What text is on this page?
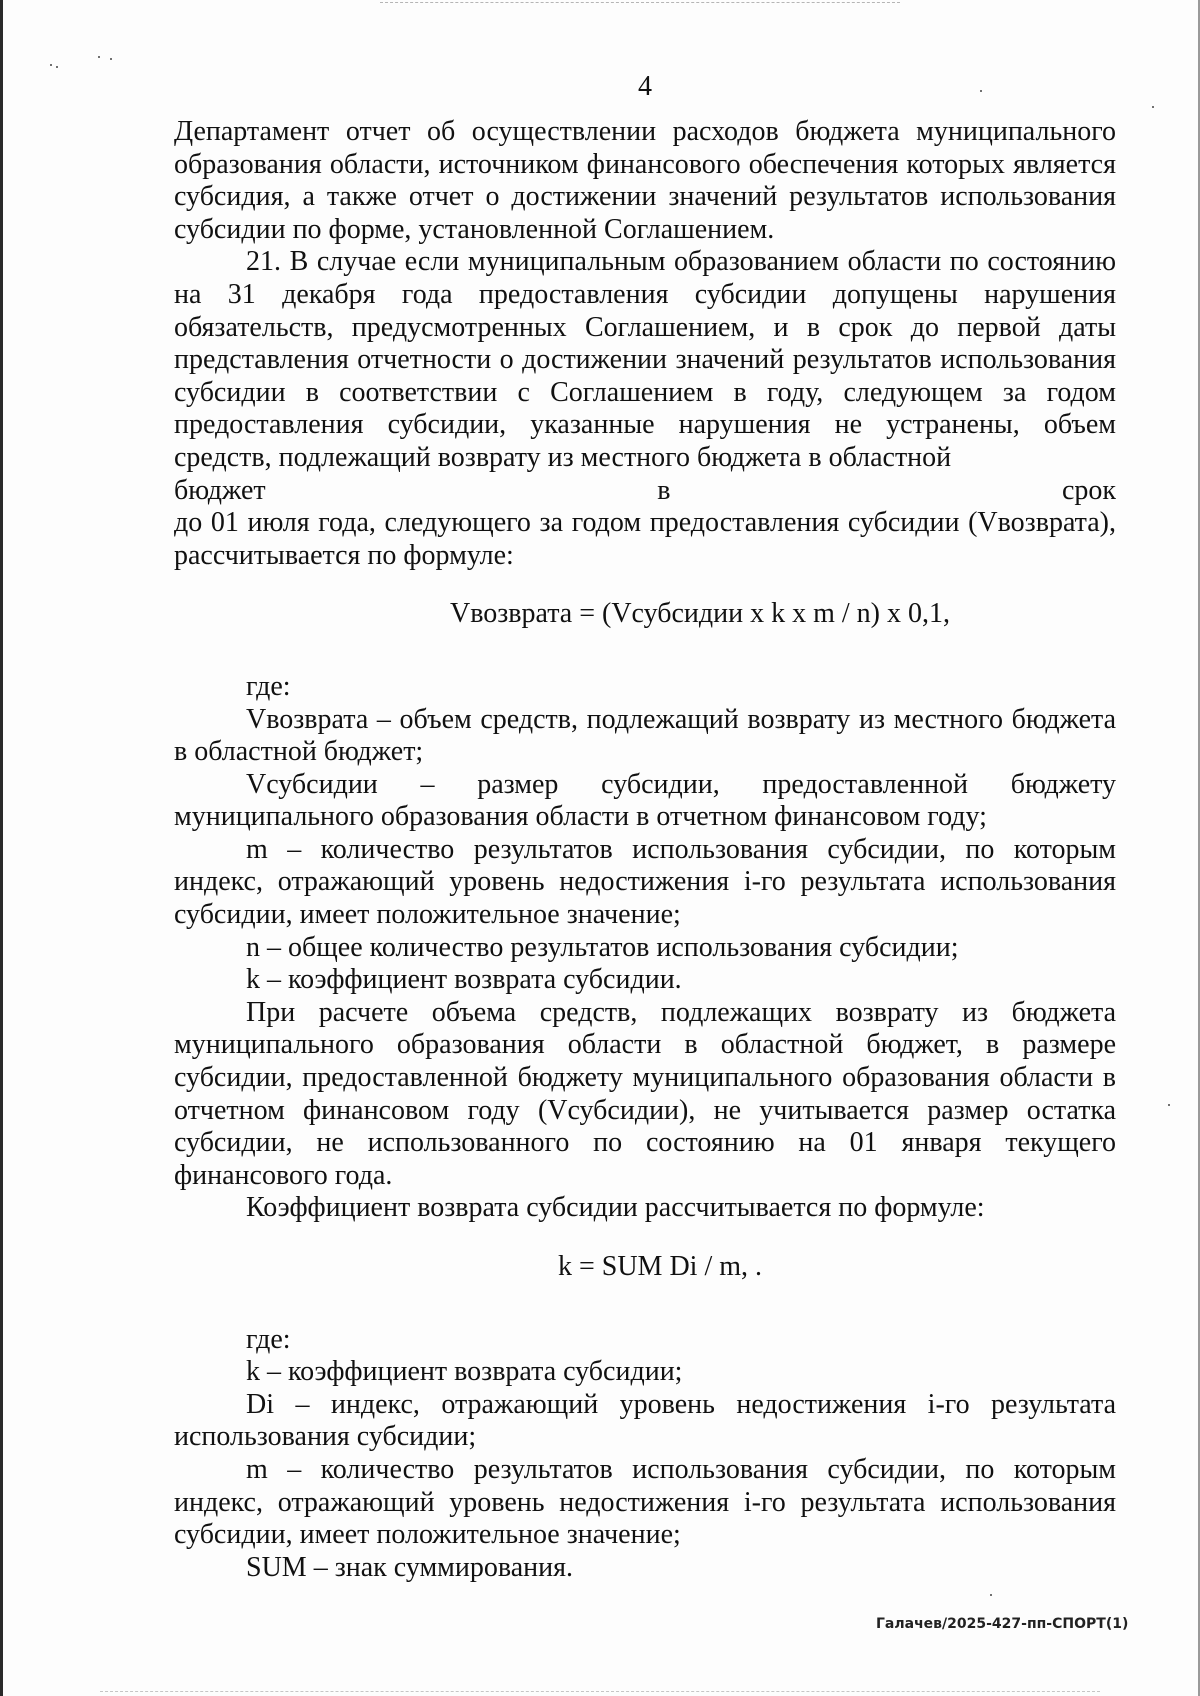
4

Департамент отчет об осуществлении расходов бюджета муниципального образования области, источником финансового обеспечения которых является субсидия, а также отчет о достижении значений результатов использования субсидии по форме, установленной Соглашением.

21. В случае если муниципальным образованием области по состоянию на 31 декабря года предоставления субсидии допущены нарушения обязательств, предусмотренных Соглашением, и в срок до первой даты представления отчетности о достижении значений результатов использования субсидии в соответствии с Соглашением в году, следующем за годом предоставления субсидии, указанные нарушения не устранены, объем средств, подлежащий возврату из местного бюджета в областной

бюджет	в	срок

до 01 июля года, следующего за годом предоставления субсидии (Vвозврата), рассчитывается по формуле:

Vвозврата = (Vсубсидии x k x m / n) x 0,1,

где:

Vвозврата – объем средств, подлежащий возврату из местного бюджета в областной бюджет;

Vсубсидии – размер субсидии, предоставленной бюджету муниципального образования области в отчетном финансовом году;

m – количество результатов использования субсидии, по которым индекс, отражающий уровень недостижения i-го результата использования субсидии, имеет положительное значение;

n – общее количество результатов использования субсидии;

k – коэффициент возврата субсидии.

При расчете объема средств, подлежащих возврату из бюджета муниципального образования области в областной бюджет, в размере субсидии, предоставленной бюджету муниципального образования области в отчетном финансовом году (Vсубсидии), не учитывается размер остатка субсидии, не использованного по состоянию на 01 января текущего финансового года.

Коэффициент возврата субсидии рассчитывается по формуле:

k = SUM Di / m, .

где:

k – коэффициент возврата субсидии;

Di – индекс, отражающий уровень недостижения i-го результата использования субсидии;

m – количество результатов использования субсидии, по которым индекс, отражающий уровень недостижения i-го результата использования субсидии, имеет положительное значение;

SUM – знак суммирования.

Галачев/2025-427-пп-СПОРТ(1)
